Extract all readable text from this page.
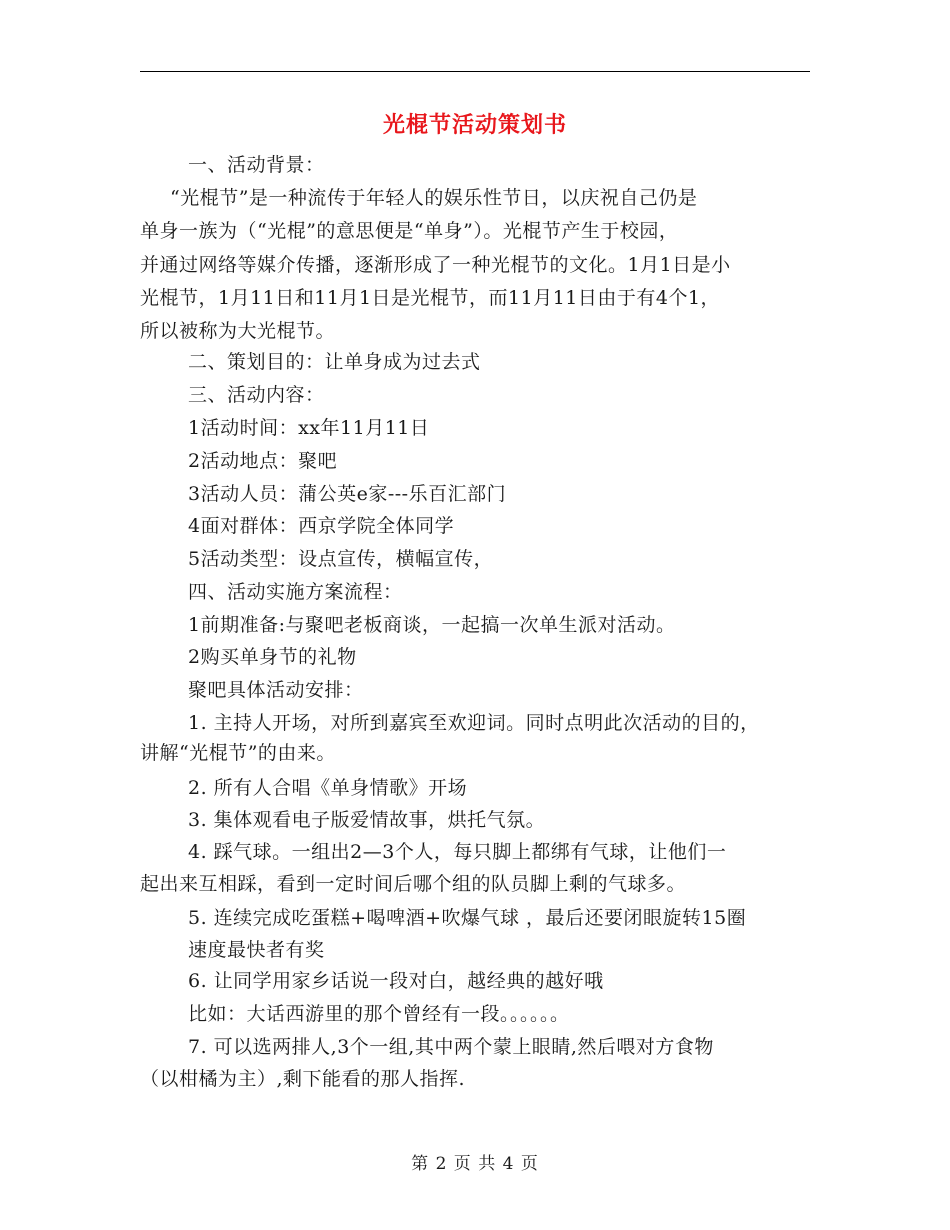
光棍节活动策划书
一、活动背景：
“光棍节”是一种流传于年轻人的娱乐性节日，以庆祝自己仍是
单身一族为（“光棍”的意思便是“单身”）。光棍节产生于校园，
并通过网络等媒介传播，逐渐形成了一种光棍节的文化。1月1日是小
光棍节，1月11日和11月1日是光棍节，而11月11日由于有4个1，
所以被称为大光棍节。
二、策划目的：让单身成为过去式
三、活动内容：
1活动时间：xx年11月11日
2活动地点：聚吧
3活动人员：蒲公英e家---乐百汇部门
4面对群体：西京学院全体同学
5活动类型：设点宣传，横幅宣传，
四、活动实施方案流程：
1前期准备:与聚吧老板商谈，一起搞一次单生派对活动。
2购买单身节的礼物
聚吧具体活动安排：
1. 主持人开场，对所到嘉宾至欢迎词。同时点明此次活动的目的，
讲解“光棍节”的由来。
2. 所有人合唱《单身情歌》开场
3. 集体观看电子版爱情故事，烘托气氛。
4. 踩气球。一组出2—3个人，每只脚上都绑有气球，让他们一
起出来互相踩，看到一定时间后哪个组的队员脚上剩的气球多。
5. 连续完成吃蛋糕+喝啤酒+吹爆气球 ，最后还要闭眼旋转15圈
速度最快者有奖
6. 让同学用家乡话说一段对白，越经典的越好哦
比如：大话西游里的那个曾经有一段。。。。。。
7. 可以选两排人,3个一组,其中两个蒙上眼睛,然后喂对方食物
（以柑橘为主）,剩下能看的那人指挥.
第 2 页 共 4 页
